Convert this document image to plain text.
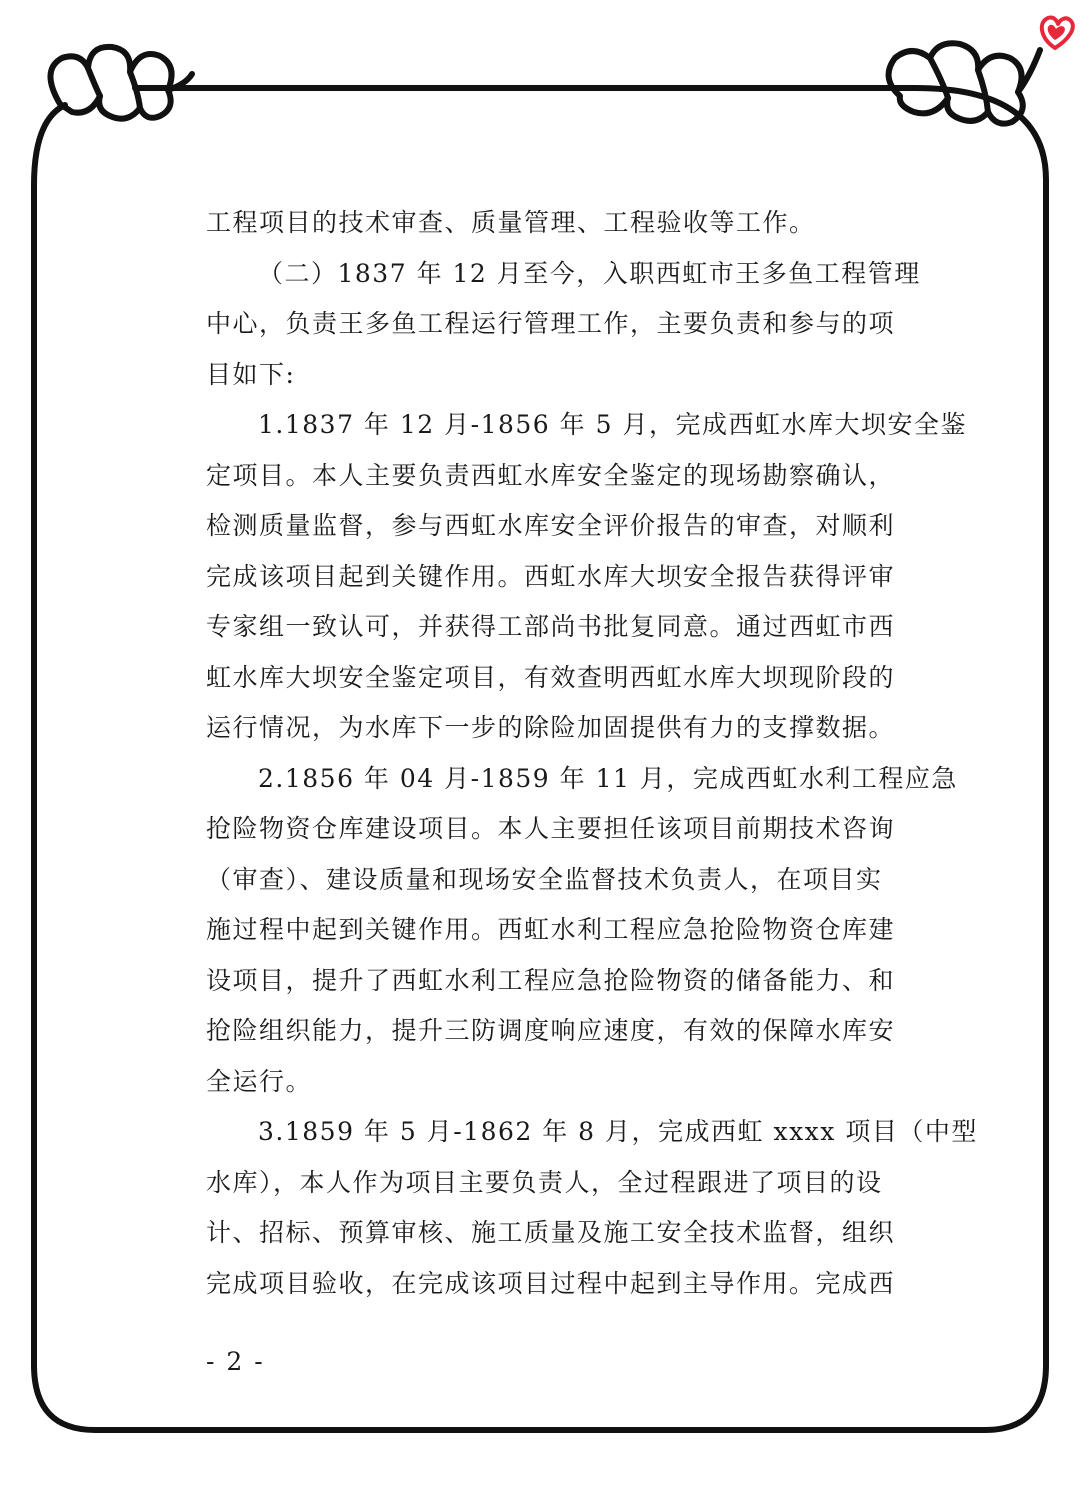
工程项目的技术审查、质量管理、工程验收等工作。
（二）1837 年 12 月至今，入职西虹市王多鱼工程管理
中心，负责王多鱼工程运行管理工作，主要负责和参与的项
目如下:
1.1837 年 12 月-1856 年 5 月，完成西虹水库大坝安全鉴
定项目。本人主要负责西虹水库安全鉴定的现场勘察确认，
检测质量监督，参与西虹水库安全评价报告的审查，对顺利
完成该项目起到关键作用。西虹水库大坝安全报告获得评审
专家组一致认可，并获得工部尚书批复同意。通过西虹市西
虹水库大坝安全鉴定项目，有效查明西虹水库大坝现阶段的
运行情况，为水库下一步的除险加固提供有力的支撑数据。
2.1856 年 04 月-1859 年 11 月，完成西虹水利工程应急
抢险物资仓库建设项目。本人主要担任该项目前期技术咨询
（审查）、建设质量和现场安全监督技术负责人，在项目实
施过程中起到关键作用。西虹水利工程应急抢险物资仓库建
设项目，提升了西虹水利工程应急抢险物资的储备能力、和
抢险组织能力，提升三防调度响应速度，有效的保障水库安
全运行。
3.1859 年 5 月-1862 年 8 月，完成西虹 xxxx 项目（中型
水库），本人作为项目主要负责人，全过程跟进了项目的设
计、招标、预算审核、施工质量及施工安全技术监督，组织
完成项目验收，在完成该项目过程中起到主导作用。完成西
- 2 -
